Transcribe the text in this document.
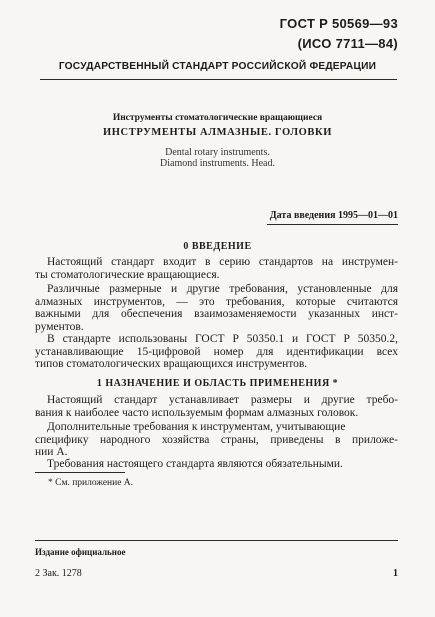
ГОСТ Р 50569—93
(ИСО 7711—84)
ГОСУДАРСТВЕННЫЙ СТАНДАРТ РОССИЙСКОЙ ФЕДЕРАЦИИ
Инструменты стоматологические вращающиеся
ИНСТРУМЕНТЫ АЛМАЗНЫЕ. ГОЛОВКИ
Dental rotary instruments.
Diamond instruments. Head.
Дата введения 1995—01—01
0 ВВЕДЕНИЕ
Настоящий стандарт входит в серию стандартов на инструмен-
ты стоматологические вращающиеся.
Различные размерные и другие требования, установленные для
алмазных инструментов, — это требования, которые считаются
важными для обеспечения взаимозаменяемости указанных инст-
рументов.
В стандарте использованы ГОСТ Р 50350.1 и ГОСТ Р 50350.2,
устанавливающие 15-цифровой номер для идентификации всех
типов стоматологических вращающихся инструментов.
1 НАЗНАЧЕНИЕ И ОБЛАСТЬ ПРИМЕНЕНИЯ *
Настоящий стандарт устанавливает размеры и другие требо-
вания к наиболее часто используемым формам алмазных головок.
Дополнительные требования к инструментам, учитывающие
специфику народного хозяйства страны, приведены в приложе-
нии А.
Требования настоящего стандарта являются обязательными.
* См. приложение А.
Издание официальное
2 Зак. 1278	1
